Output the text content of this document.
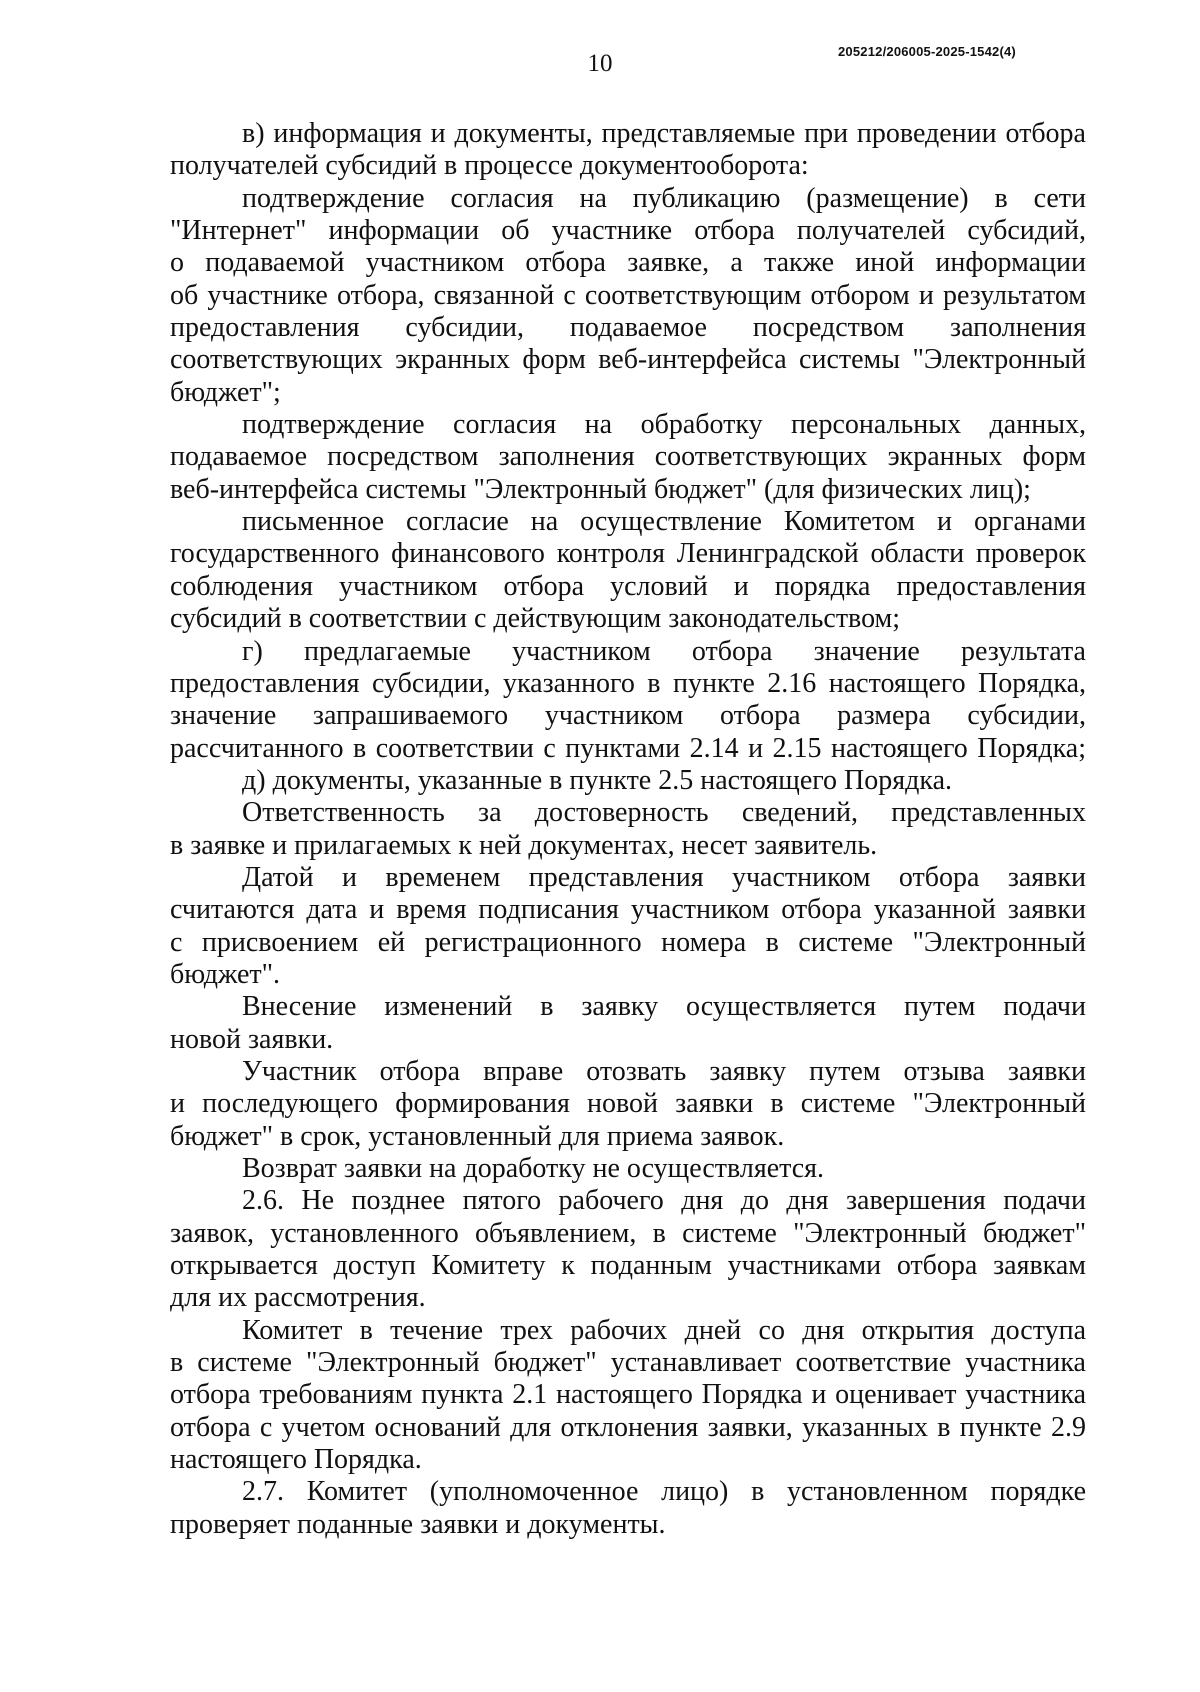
10	205212/206005-2025-1542(4)
в) информация и документы, представляемые при проведении отбора
получателей субсидий в процессе документооборота:
подтверждение согласия на публикацию (размещение) в сети
"Интернет" информации об участнике отбора получателей субсидий,
о подаваемой участником отбора заявке, а также иной информации
об участнике отбора, связанной с соответствующим отбором и результатом
предоставления субсидии, подаваемое посредством заполнения
соответствующих экранных форм веб-интерфейса системы "Электронный
бюджет";
подтверждение согласия на обработку персональных данных,
подаваемое посредством заполнения соответствующих экранных форм
веб-интерфейса системы "Электронный бюджет" (для физических лиц);
письменное согласие на осуществление Комитетом и органами
государственного финансового контроля Ленинградской области проверок
соблюдения участником отбора условий и порядка предоставления
субсидий в соответствии с действующим законодательством;
г) предлагаемые участником отбора значение результата
предоставления субсидии, указанного в пункте 2.16 настоящего Порядка,
значение запрашиваемого участником отбора размера субсидии,
рассчитанного в соответствии с пунктами 2.14 и 2.15 настоящего Порядка;
д) документы, указанные в пункте 2.5 настоящего Порядка.
Ответственность за достоверность сведений, представленных
в заявке и прилагаемых к ней документах, несет заявитель.
Датой и временем представления участником отбора заявки
считаются дата и время подписания участником отбора указанной заявки
с присвоением ей регистрационного номера в системе "Электронный
бюджет".
Внесение изменений в заявку осуществляется путем подачи
новой заявки.
Участник отбора вправе отозвать заявку путем отзыва заявки
и последующего формирования новой заявки в системе "Электронный
бюджет" в срок, установленный для приема заявок.
Возврат заявки на доработку не осуществляется.
2.6. Не позднее пятого рабочего дня до дня завершения подачи
заявок, установленного объявлением, в системе "Электронный бюджет"
открывается доступ Комитету к поданным участниками отбора заявкам
для их рассмотрения.
Комитет в течение трех рабочих дней со дня открытия доступа
в системе "Электронный бюджет" устанавливает соответствие участника
отбора требованиям пункта 2.1 настоящего Порядка и оценивает участника
отбора с учетом оснований для отклонения заявки, указанных в пункте 2.9
настоящего Порядка.
2.7. Комитет (уполномоченное лицо) в установленном порядке
проверяет поданные заявки и документы.
